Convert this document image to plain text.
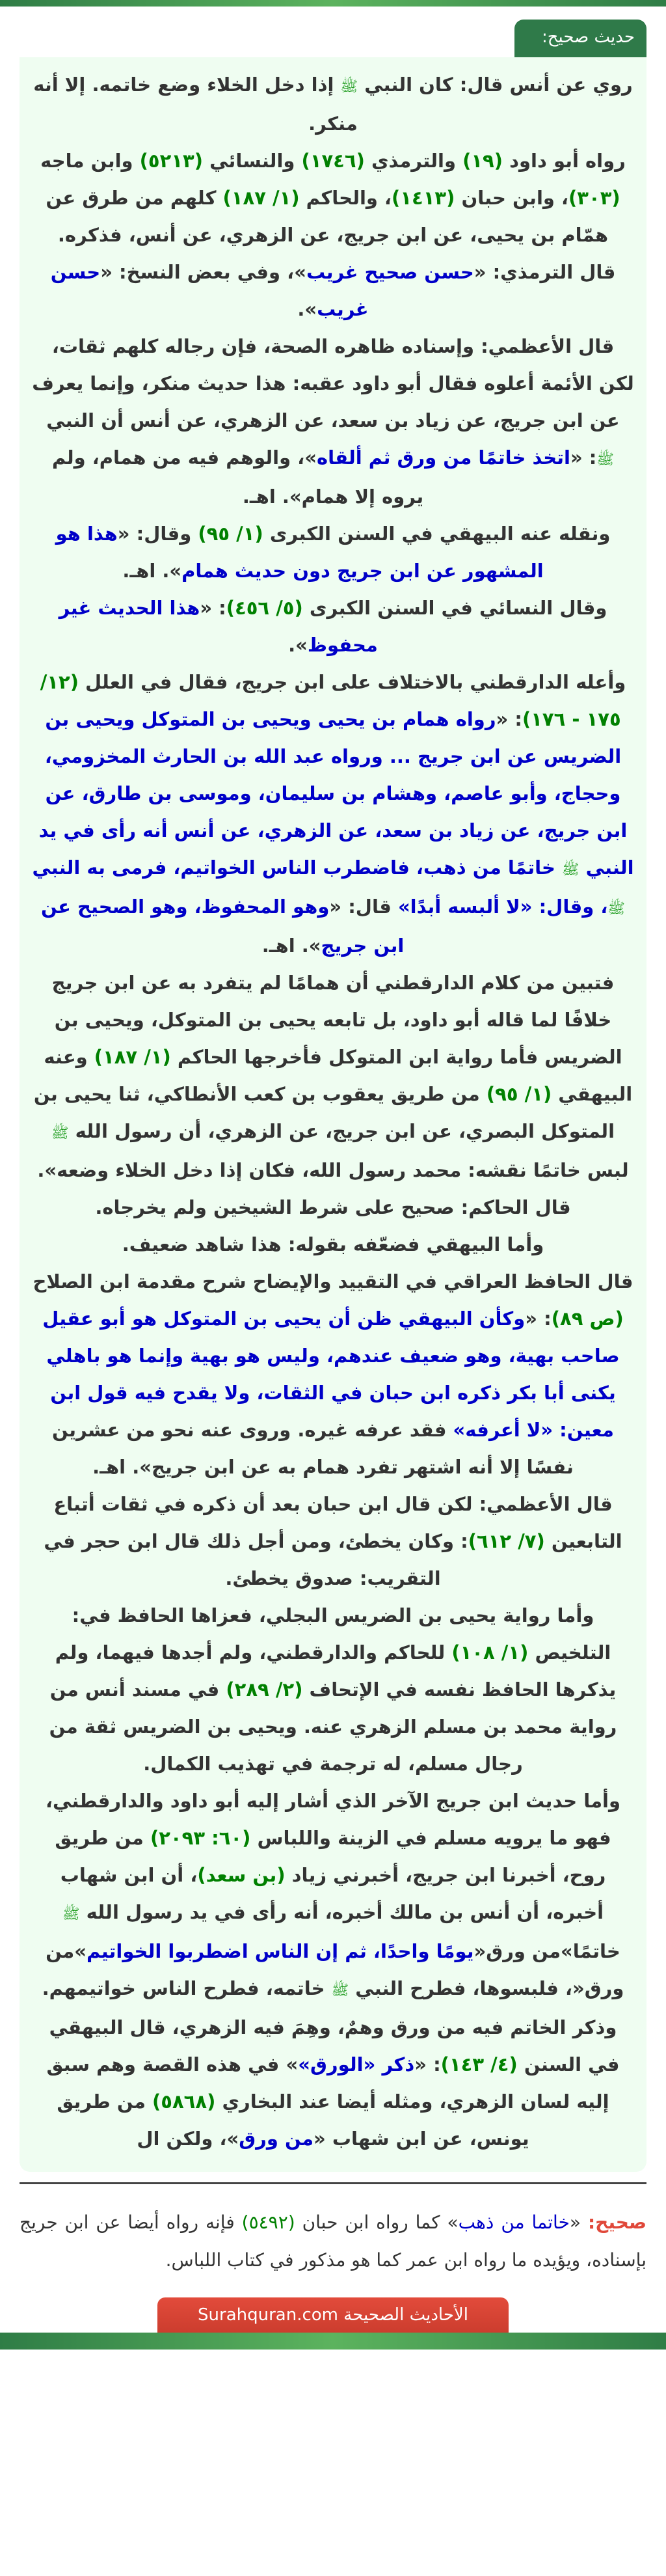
حديث صحيح:

روي عن أنس قال: كان النبي ﷺ إذا دخل الخلاء وضع خاتمه. إلا أنه منكر.

رواه أبو داود (١٩) والترمذي (١٧٤٦) والنسائي (٥٢١٣) وابن ماجه (٣٠٣)، وابن حبان (١٤١٣)، والحاكم (١/ ١٨٧) كلهم من طرق عن همّام بن يحيى، عن ابن جريج، عن الزهري، عن أنس، فذكره.

قال الترمذي: «حسن صحيح غريب»، وفي بعض النسخ: «حسن غريب».

قال الأعظمي: وإسناده ظاهره الصحة، فإن رجاله كلهم ثقات، لكن الأئمة أعلوه فقال أبو داود عقبه: هذا حديث منكر، وإنما يعرف عن ابن جريج، عن زياد بن سعد، عن الزهري، عن أنس أن النبي ﷺ: «اتخذ خاتمًا من ورق ثم ألقاه»، والوهم فيه من همام، ولم يروه إلا همام». اهـ.

ونقله عنه البيهقي في السنن الكبرى (١/ ٩٥) وقال: «هذا هو المشهور عن ابن جريج دون حديث همام». اهـ.

وقال النسائي في السنن الكبرى (٥/ ٤٥٦): «هذا الحديث غير محفوظ».

وأعله الدارقطني بالاختلاف على ابن جريج، فقال في العلل (١٢/ ١٧٥ - ١٧٦): «رواه همام بن يحيى ويحيى بن المتوكل ويحيى بن الضريس عن ابن جريج ... ورواه عبد الله بن الحارث المخزومي، وحجاج، وأبو عاصم، وهشام بن سليمان، وموسى بن طارق، عن ابن جريج، عن زياد بن سعد، عن الزهري، عن أنس أنه رأى في يد النبي ﷺ خاتمًا من ذهب، فاضطرب الناس الخواتيم، فرمى به النبي ﷺ، وقال: «لا ألبسه أبدًا» قال: «وهو المحفوظ، وهو الصحيح عن ابن جريج». اهـ.

فتبين من كلام الدارقطني أن همامًا لم يتفرد به عن ابن جريج خلافًا لما قاله أبو داود، بل تابعه يحيى بن المتوكل، ويحيى بن الضريس فأما رواية ابن المتوكل فأخرجها الحاكم (١/ ١٨٧) وعنه

البيهقي (١/ ٩٥) من طريق يعقوب بن كعب الأنطاكي، ثنا يحيى بن المتوكل البصري، عن ابن جريج، عن الزهري، أن رسول الله ﷺ لبس خاتمًا نقشه: محمد رسول الله، فكان إذا دخل الخلاء وضعه».

قال الحاكم: صحيح على شرط الشيخين ولم يخرجاه.

وأما البيهقي فضعّفه بقوله: هذا شاهد ضعيف.

قال الحافظ العراقي في التقييد والإيضاح شرح مقدمة ابن الصلاح (ص ٨٩): «وكأن البيهقي ظن أن يحيى بن المتوكل هو أبو عقيل صاحب بهية، وهو ضعيف عندهم، وليس هو بهية وإنما هو باهلي يكنى أبا بكر ذكره ابن حبان في الثقات، ولا يقدح فيه قول ابن معين: «لا أعرفه» فقد عرفه غيره. وروى عنه نحو من عشرين نفسًا إلا أنه اشتهر تفرد همام به عن ابن جريج». اهـ.

قال الأعظمي: لكن قال ابن حبان بعد أن ذكره في ثقات أتباع التابعين (٧/ ٦١٢): وكان يخطئ، ومن أجل ذلك قال ابن حجر في التقريب: صدوق يخطئ.

وأما رواية يحيى بن الضريس البجلي، فعزاها الحافظ في: التلخيص (١/ ١٠٨) للحاكم والدارقطني، ولم أجدها فيهما، ولم يذكرها الحافظ نفسه في الإتحاف (٢/ ٢٨٩) في مسند أنس من رواية محمد بن مسلم الزهري عنه. ويحيى بن الضريس ثقة من رجال مسلم، له ترجمة في تهذيب الكمال.

وأما حديث ابن جريج الآخر الذي أشار إليه أبو داود والدارقطني، فهو ما يرويه مسلم في الزينة واللباس (٦٠: ٢٠٩٣) من طريق روح، أخبرنا ابن جريج، أخبرني زياد (بن سعد)، أن ابن شهاب أخبره، أن أنس بن مالك أخبره، أنه رأى في يد رسول الله ﷺ خاتمًا»من ورق«يومًا واحدًا، ثم إن الناس اضطربوا الخواتيم»من ورق«، فلبسوها، فطرح النبي ﷺ خاتمه، فطرح الناس خواتيمهم.

وذكر الخاتم فيه من ورق وهمٌ، وهِمَ فيه الزهري، قال البيهقي في السنن (٤/ ١٤٣): «ذكر «الورق»» في هذه القصة وهم سبق إليه لسان الزهري، ومثله أيضا عند البخاري (٥٨٦٨) من طريق يونس، عن ابن شهاب «من ورق»، ولكن ال

صحيح: «خاتما من ذهب» كما رواه ابن حبان (٥٤٩٢) فإنه رواه أيضا عن ابن جريج بإسناده، ويؤيده ما رواه ابن عمر كما هو مذكور في كتاب اللباس.

الأحاديث الصحيحة Surahquran.com
